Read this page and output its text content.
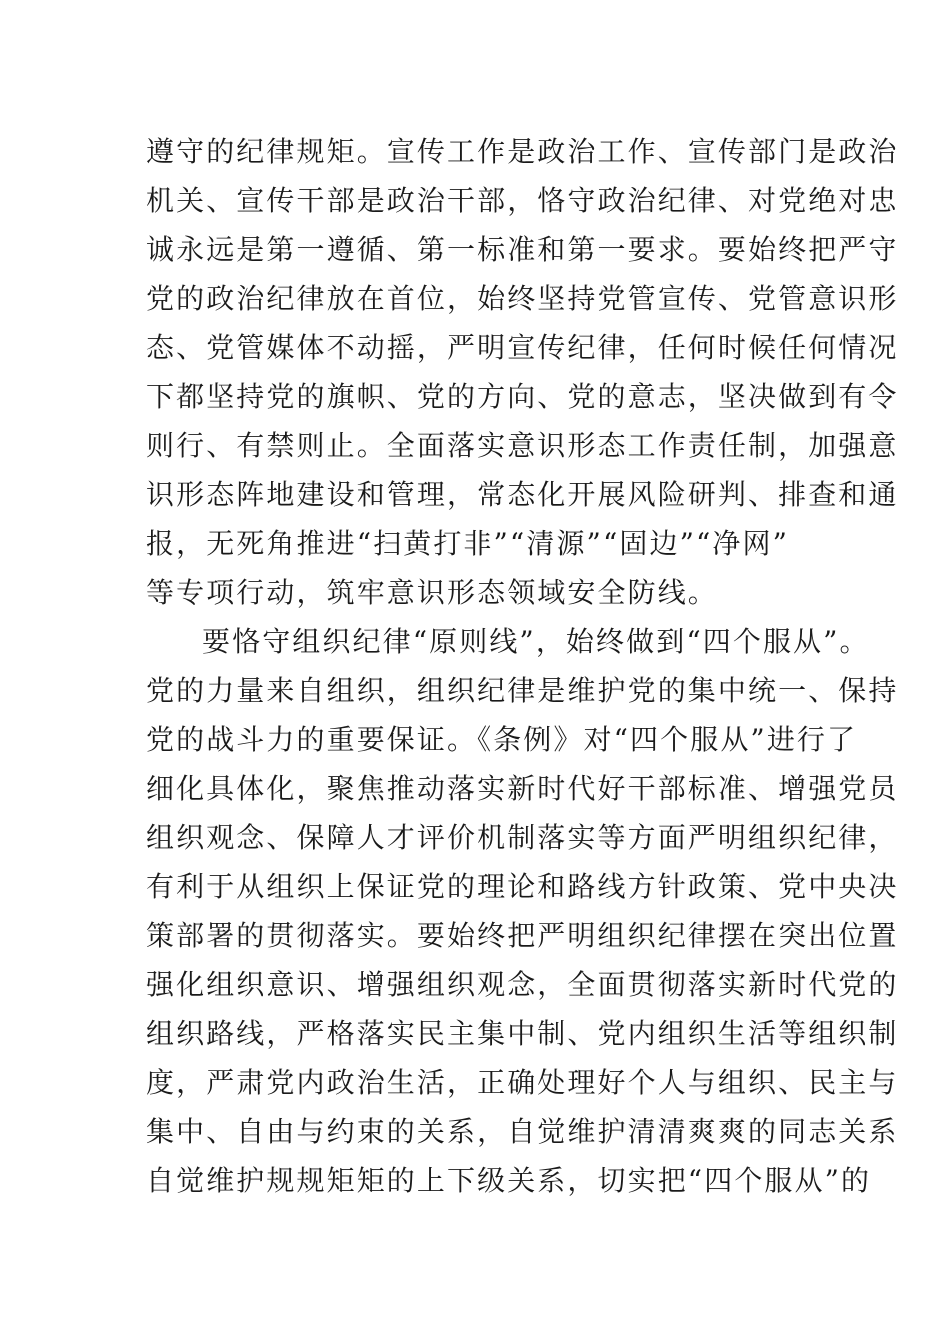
遵守的纪律规矩。宣传工作是政治工作、宣传部门是政治
机关、宣传干部是政治干部，恪守政治纪律、对党绝对忠
诚永远是第一遵循、第一标准和第一要求。要始终把严守
党的政治纪律放在首位，始终坚持党管宣传、党管意识形
态、党管媒体不动摇，严明宣传纪律，任何时候任何情况
下都坚持党的旗帜、党的方向、党的意志，坚决做到有令
则行、有禁则止。全面落实意识形态工作责任制，加强意
识形态阵地建设和管理，常态化开展风险研判、排查和通
报，无死角推进“扫黄打非”“清源”“固边”“净网”
等专项行动，筑牢意识形态领域安全防线。
要恪守组织纪律“原则线”，始终做到“四个服从”。
党的力量来自组织，组织纪律是维护党的集中统一、保持
党的战斗力的重要保证。《条例》对“四个服从”进行了
细化具体化，聚焦推动落实新时代好干部标准、增强党员
组织观念、保障人才评价机制落实等方面严明组织纪律，
有利于从组织上保证党的理论和路线方针政策、党中央决
策部署的贯彻落实。要始终把严明组织纪律摆在突出位置
强化组织意识、增强组织观念，全面贯彻落实新时代党的
组织路线，严格落实民主集中制、党内组织生活等组织制
度，严肃党内政治生活，正确处理好个人与组织、民主与
集中、自由与约束的关系，自觉维护清清爽爽的同志关系
自觉维护规规矩矩的上下级关系，切实把“四个服从”的
